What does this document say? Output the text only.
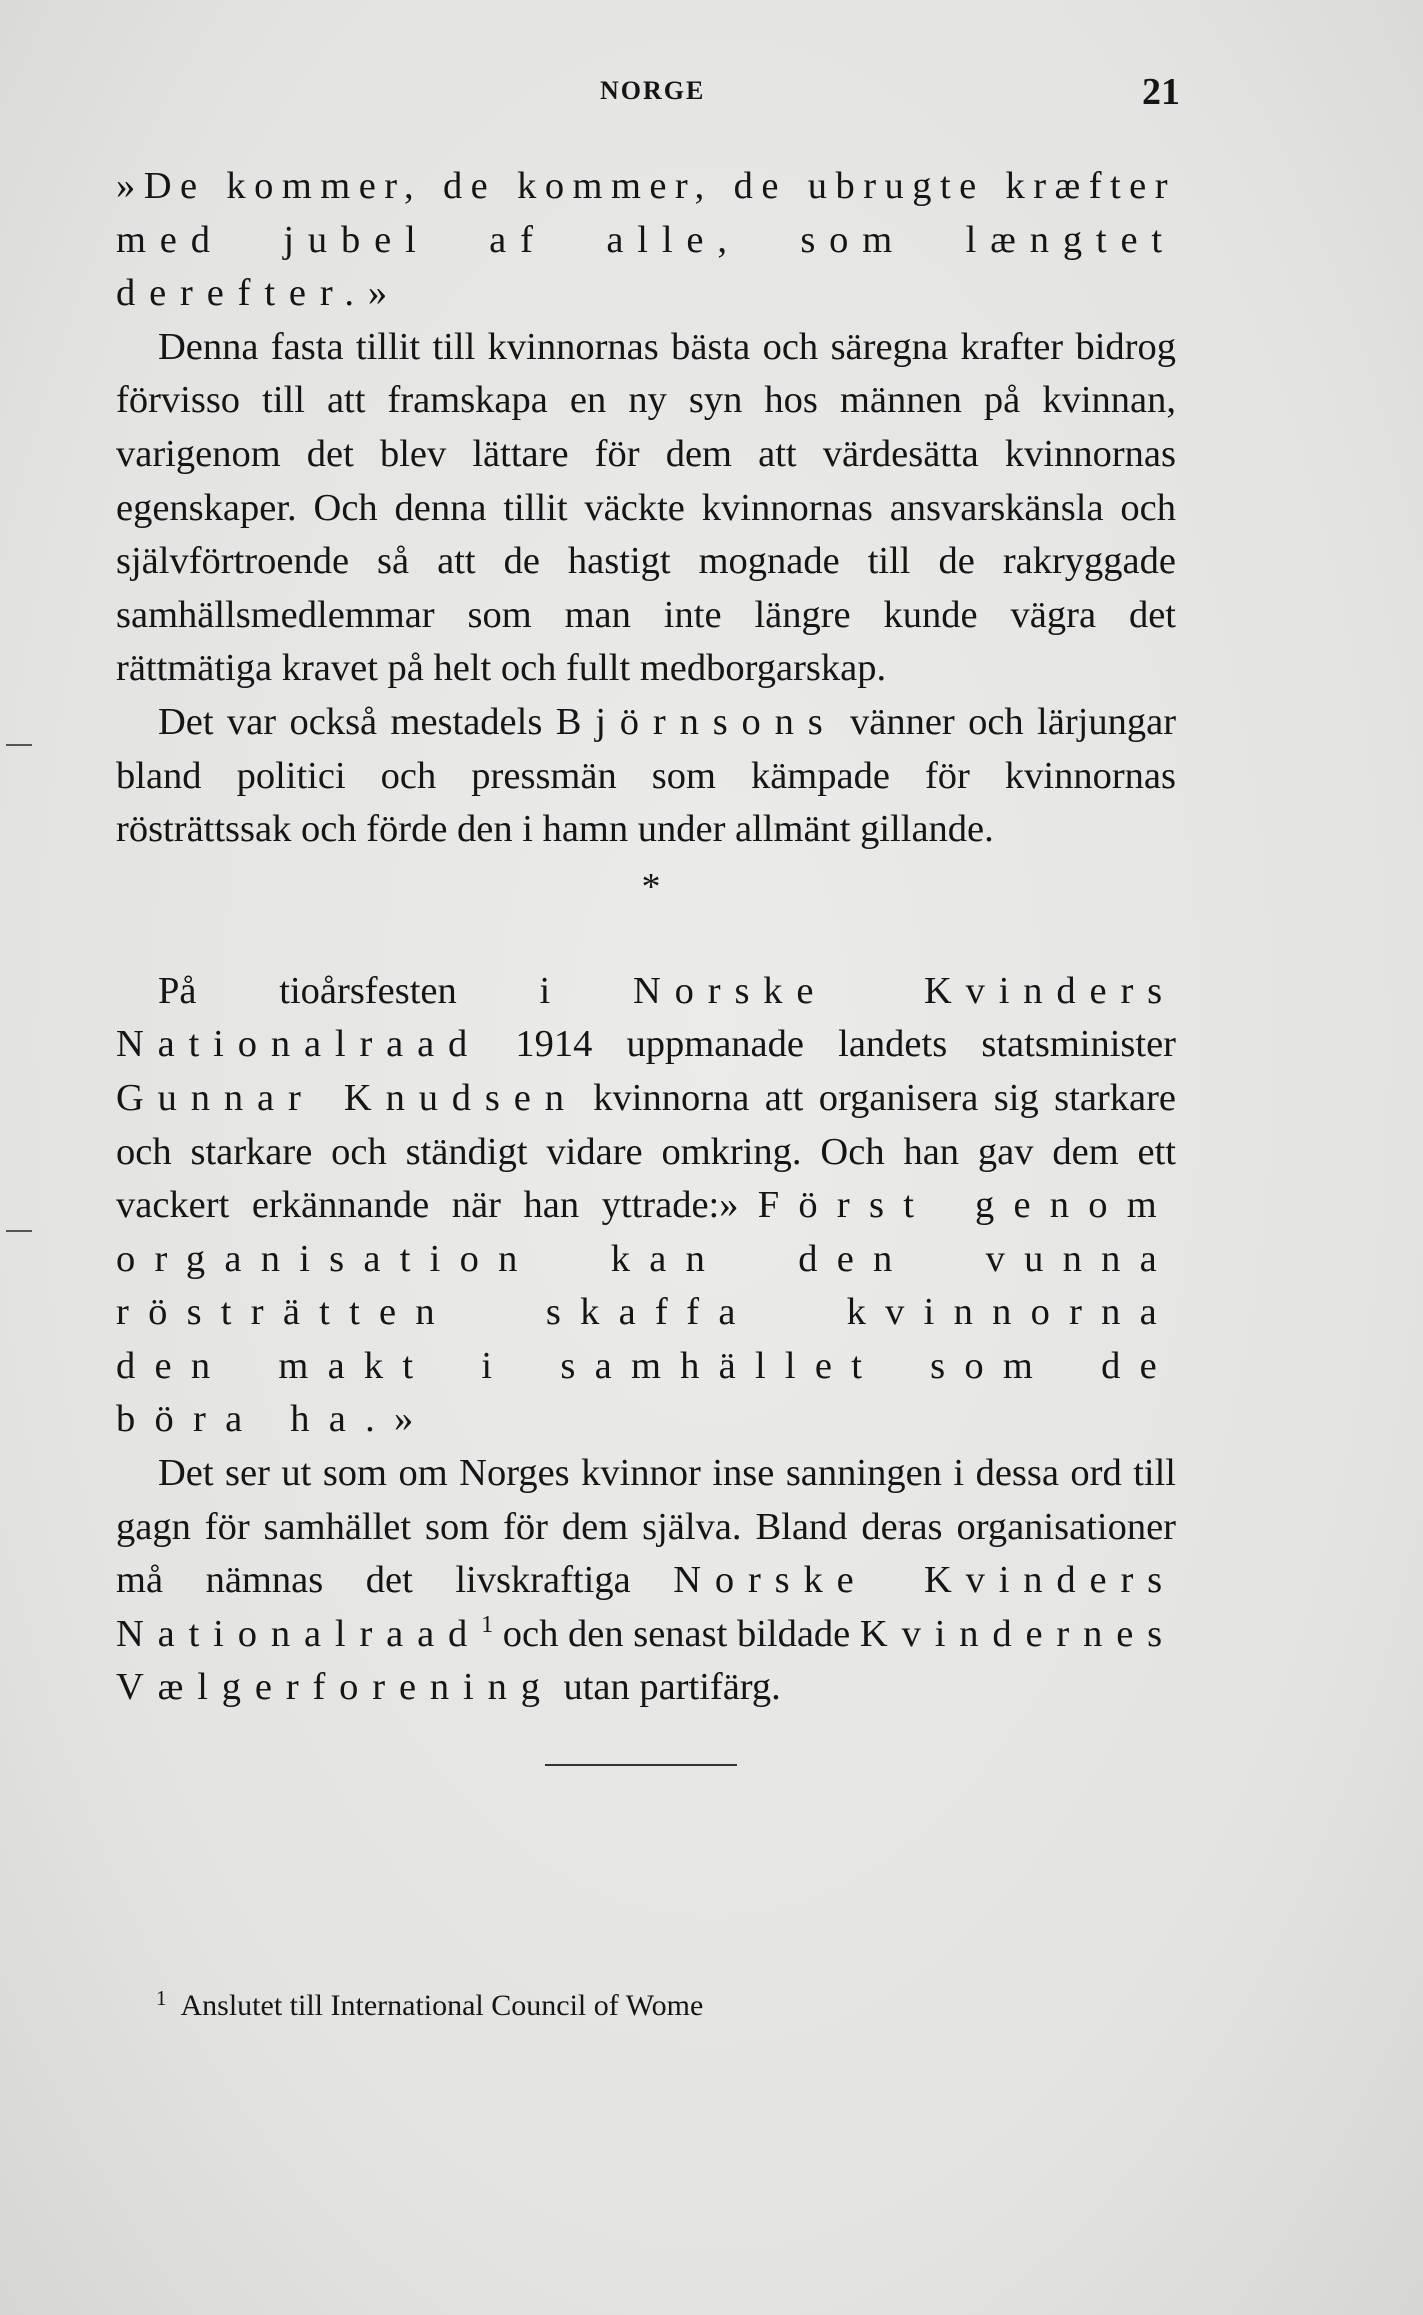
NORGE	21

»De kommer, de kommer, de ubrugte kræfter

med jubel af alle, som længtet derefter.»

Denna fasta tillit till kvinnornas bästa och säregna krafter bidrog förvisso till att framskapa en ny syn hos männen på kvinnan, varigenom det blev lättare för dem att värdesätta kvinnornas egenskaper. Och denna tillit väckte kvinnornas ansvarskänsla och självförtroende så att de hastigt mognade till de rakryggade samhällsmedlemmar som man inte längre kunde vägra det rättmätiga kravet på helt och fullt medborgarskap.

Det var också mestadels Björnsons vänner och lärjungar bland politici och pressmän som kämpade för kvinnornas rösträttssak och förde den i hamn under allmänt gillande.

*

På tioårsfesten i Norske Kvinders Nationalraad 1914 uppmanade landets statsminister Gunnar Knudsen kvinnorna att organisera sig starkare och starkare och ständigt vidare omkring. Och han gav dem ett vackert erkännande när han yttrade:»Först genom organisation kan den vunna rösträtten skaffa kvinnorna den makt i samhället som de böra ha.»

Det ser ut som om Norges kvinnor inse sanningen i dessa ord till gagn för samhället som för dem själva. Bland deras organisationer må nämnas det livskraftiga Norske Kvinders Nationalraad$^1$ och den senast bildade Kvindernes Vælgerforening utan partifärg.

$^1$ Anslutet till International Council of Wome
